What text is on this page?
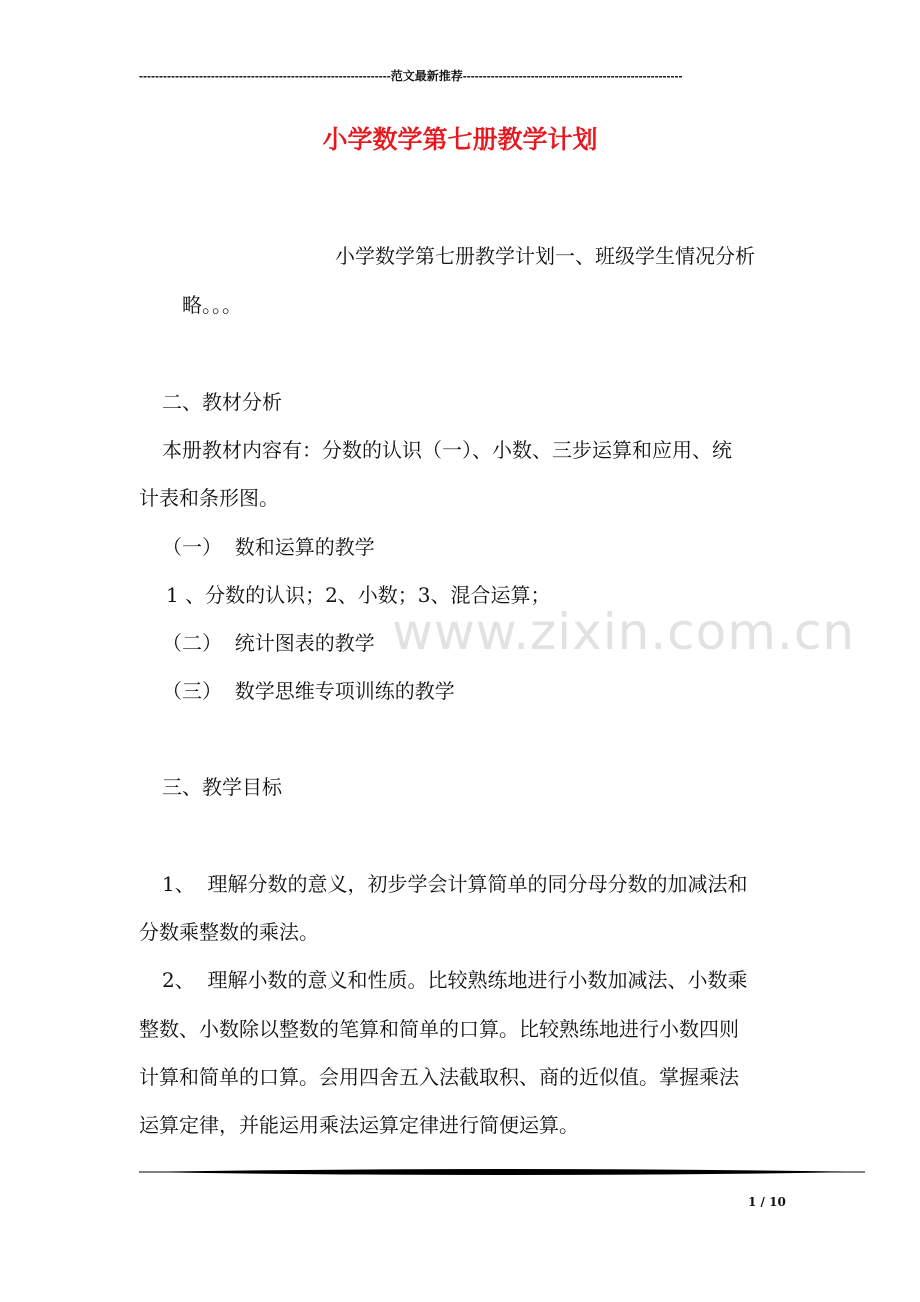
---------------------------------------------------------------范文最新推荐-------------------------------------------------------
小学数学第七册教学计划
小学数学第七册教学计划一、班级学生情况分析
略。。。
二、教材分析
本册教材内容有：分数的认识（一）、小数、三步运算和应用、统
计表和条形图。
（一）  数和运算的教学
1 、分数的认识；2、小数；3、混合运算；
（二）  统计图表的教学
（三）  数学思维专项训练的教学
www.zixin.com.cn
三、教学目标
1、  理解分数的意义，初步学会计算简单的同分母分数的加减法和
分数乘整数的乘法。
2、  理解小数的意义和性质。比较熟练地进行小数加减法、小数乘
整数、小数除以整数的笔算和简单的口算。比较熟练地进行小数四则
计算和简单的口算。会用四舍五入法截取积、商的近似值。掌握乘法
运算定律，并能运用乘法运算定律进行简便运算。
1 / 10
